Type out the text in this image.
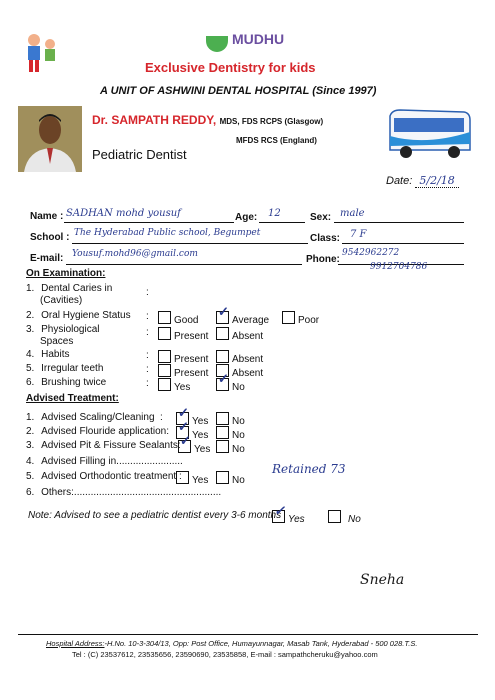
MUDHU
Exclusive Dentistry for kids
A UNIT OF ASHWINI DENTAL HOSPITAL (Since 1997)
Dr. SAMPATH REDDY, MDS, FDS RCPS (Glasgow)
MFDS RCS (England)
Pediatric Dentist
Date: 5/2/18
Name : SADHAN mohd yousuf	Age: 12	Sex: male
School : The Hyderabad Public school, Begumpet	Class: 7 F
E-mail: Yousuf.mohd96@gmail.com	Phone:
9542962272
9912704786
On Examination:
1. Dental Caries in
(Cavities)
:
2. Oral Hygiene Status :	Good ✓	Average	Poor
3. Physiological
Spaces
:	Present	Absent
4. Habits	:	Present	Absent
5. Irregular teeth	:	Present	Absent
6. Brushing twice	:	Yes ✓	No
Advised Treatment:
1. Advised Scaling/Cleaning : ✓	Yes	No
2. Advised Flouride application: ✓	Yes	No
3. Advised Pit & Fissure Sealants: ✓	Yes	No
4. Advised Filling in........................
5. Advised Orthodontic treatment :	Yes	No
Retained 73
6. Others:.....................................................
Note: Advised to see a pediatric dentist every 3-6 months ✓ Yes	No
Sneha
Hospital Address:-H.No. 10-3-304/13, Opp: Post Office, Humayunnagar, Masab Tank, Hyderabad - 500 028.T.S.
Tel : (C) 23537612, 23535656, 23590690, 23535858, E-mail : sampathcheruku@yahoo.com
